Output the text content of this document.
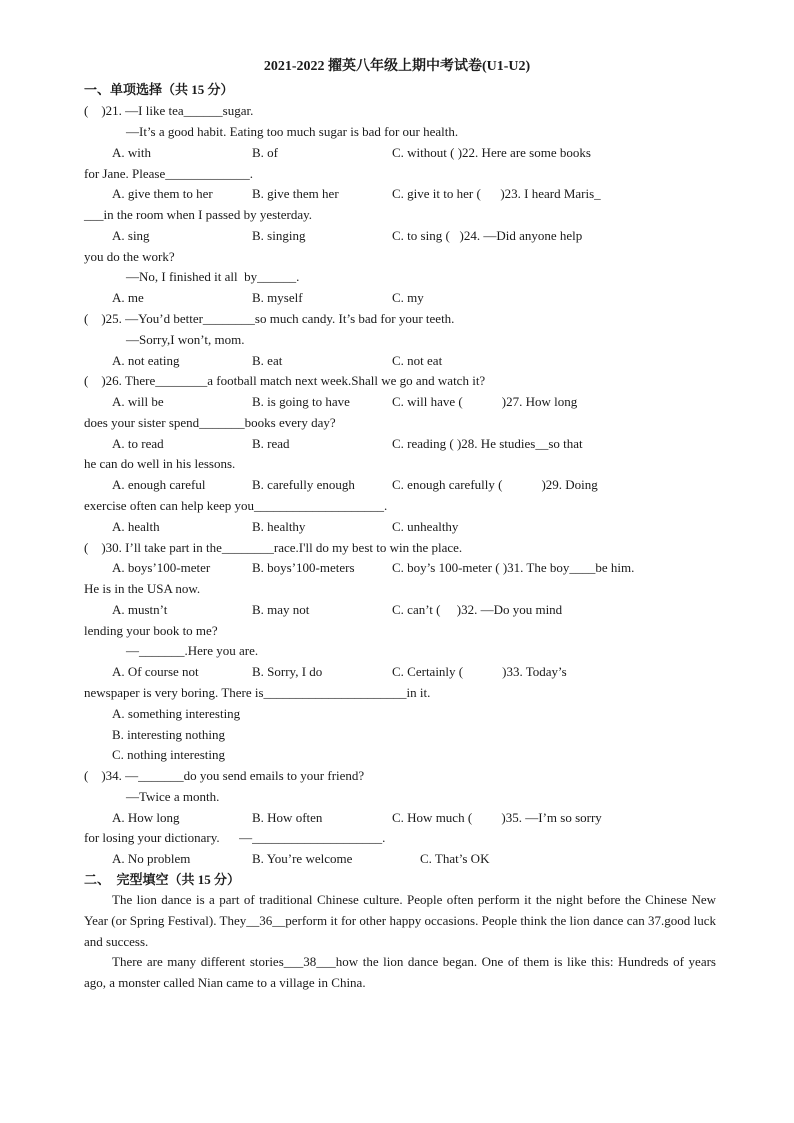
2021-2022 擢英八年级上期中考试卷(U1-U2)
一、单项选择（共 15 分）
(    )21. —I like tea______sugar.
—It’s a good habit. Eating too much sugar is bad for our health.
A. with	B. of	C. without ( )22. Here are some books
for Jane. Please_____________.
A. give them to her	B. give them her	C. give it to her (      )23. I heard Maris_
___in the room when I passed by yesterday.
A. sing	B. singing	C. to sing (   )24. —Did anyone help
you do the work?
—No, I finished it all  by______.
A. me	B. myself	C. my
(    )25. —You’d better________so much candy. It’s bad for your teeth.
—Sorry,I won’t, mom.
A. not eating	B. eat	C. not eat
(    )26. There________a football match next week.Shall we go and watch it?
A. will be	B. is going to have	C. will have (            )27. How long
does your sister spend_______books every day?
A. to read	B. read	C. reading ( )28. He studies__so that
he can do well in his lessons.
A. enough careful	B. carefully enough	C. enough carefully (            )29. Doing
exercise often can help keep you____________________.
A. health	B. healthy	C. unhealthy
(    )30. I’ll take part in the________race.I'll do my best to win the place.
A. boys’100-meter	B. boys’100-meters	C. boy’s 100-meter ( )31. The boy____be him.
He is in the USA now.
A. mustn’t	B. may not	C. can’t (     )32. —Do you mind
lending your book to me?
—_______.Here you are.
A. Of course not	B. Sorry, I do	C. Certainly (            )33. Today’s
newspaper is very boring. There is______________________in it.
A. something interesting
B. interesting nothing
C. nothing interesting
(    )34. —_______do you send emails to your friend?
—Twice a month.
A. How long	B. How often	C. How much (         )35. —I’m so sorry
for losing your dictionary.      —____________________.
A. No problem	B. You’re welcome	C. That’s OK
二、  完型填空（共 15 分）
The lion dance is a part of traditional Chinese culture. People often perform it the night before the Chinese New Year (or Spring Festival). They__36__perform it for other happy occasions. People think the lion dance can 37.good luck and success.
There are many different stories___38___how the lion dance began. One of them is like this: Hundreds of years ago, a monster called Nian came to a village in China.
